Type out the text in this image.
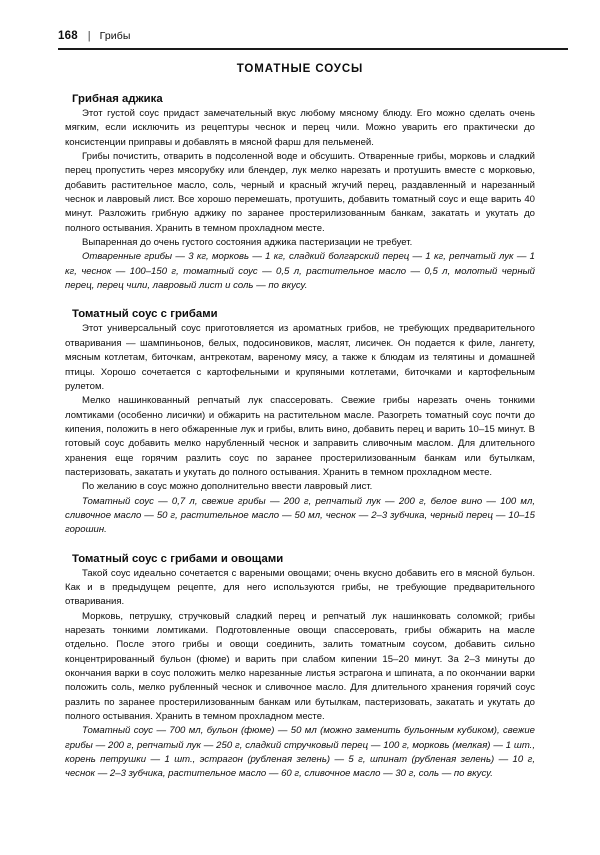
168 | Грибы
ТОМАТНЫЕ СОУСЫ
Грибная аджика

Этот густой соус придаст замечательный вкус любому мясному блюду. Его можно сделать очень мягким, если исключить из рецептуры чеснок и перец чили. Можно уварить его практически до консистенции приправы и добавлять в мясной фарш для пельменей.

Грибы почистить, отварить в подсоленной воде и обсушить. Отваренные грибы, морковь и сладкий перец пропустить через мясорубку или блендер, лук мелко нарезать и протушить вместе с морковью, добавить растительное масло, соль, черный и красный жгучий перец, раздавленный и нарезанный чеснок и лавровый лист. Все хорошо перемешать, протушить, добавить томатный соус и еще варить 40 минут. Разложить грибную аджику по заранее простерилизованным банкам, закатать и укутать до полного остывания. Хранить в темном прохладном месте.

Выпаренная до очень густого состояния аджика пастеризации не требует.

Отваренные грибы — 3 кг, морковь — 1 кг, сладкий болгарский перец — 1 кг, репчатый лук — 1 кг, чеснок — 100–150 г, томатный соус — 0,5 л, растительное масло — 0,5 л, молотый черный перец, перец чили, лавровый лист и соль — по вкусу.

Томатный соус с грибами

Этот универсальный соус приготовляется из ароматных грибов, не требующих предварительного отваривания — шампиньонов, белых, подосиновиков, маслят, лисичек. Он подается к филе, лангету, мясным котлетам, биточкам, антрекотам, вареному мясу, а также к блюдам из телятины и домашней птицы. Хорошо сочетается с картофельными и крупяными котлетами, биточками и картофельным рулетом.

Мелко нашинкованный репчатый лук спассеровать. Свежие грибы нарезать очень тонкими ломтиками (особенно лисички) и обжарить на растительном масле. Разогреть томатный соус почти до кипения, положить в него обжаренные лук и грибы, влить вино, добавить перец и варить 10–15 минут. В готовый соус добавить мелко нарубленный чеснок и заправить сливочным маслом. Для длительного хранения еще горячим разлить соус по заранее простерилизованным банкам или бутылкам, пастеризовать, закатать и укутать до полного остывания. Хранить в темном прохладном месте.

По желанию в соус можно дополнительно ввести лавровый лист.

Томатный соус — 0,7 л, свежие грибы — 200 г, репчатый лук — 200 г, белое вино — 100 мл, сливочное масло — 50 г, растительное масло — 50 мл, чеснок — 2–3 зубчика, черный перец — 10–15 горошин.

Томатный соус с грибами и овощами

Такой соус идеально сочетается с вареными овощами; очень вкусно добавить его в мясной бульон. Как и в предыдущем рецепте, для него используются грибы, не требующие предварительного отваривания.

Морковь, петрушку, стручковый сладкий перец и репчатый лук нашинковать соломкой; грибы нарезать тонкими ломтиками. Подготовленные овощи спассеровать, грибы обжарить на масле отдельно. После этого грибы и овощи соединить, залить томатным соусом, добавить сильно концентрированный бульон (фюме) и варить при слабом кипении 15–20 минут. За 2–3 минуты до окончания варки в соус положить мелко нарезанные листья эстрагона и шпината, а по окончании варки положить соль, мелко рубленный чеснок и сливочное масло. Для длительного хранения горячий соус разлить по заранее простерилизованным банкам или бутылкам, пастеризовать, закатать и укутать до полного остывания. Хранить в темном прохладном месте.

Томатный соус — 700 мл, бульон (фюме) — 50 мл (можно заменить бульонным кубиком), свежие грибы — 200 г, репчатый лук — 250 г, сладкий стручковый перец — 100 г, морковь (мелкая) — 1 шт., корень петрушки — 1 шт., эстрагон (рубленая зелень) — 5 г, шпинат (рубленая зелень) — 10 г, чеснок — 2–3 зубчика, растительное масло — 60 г, сливочное масло — 30 г, соль — по вкусу.
